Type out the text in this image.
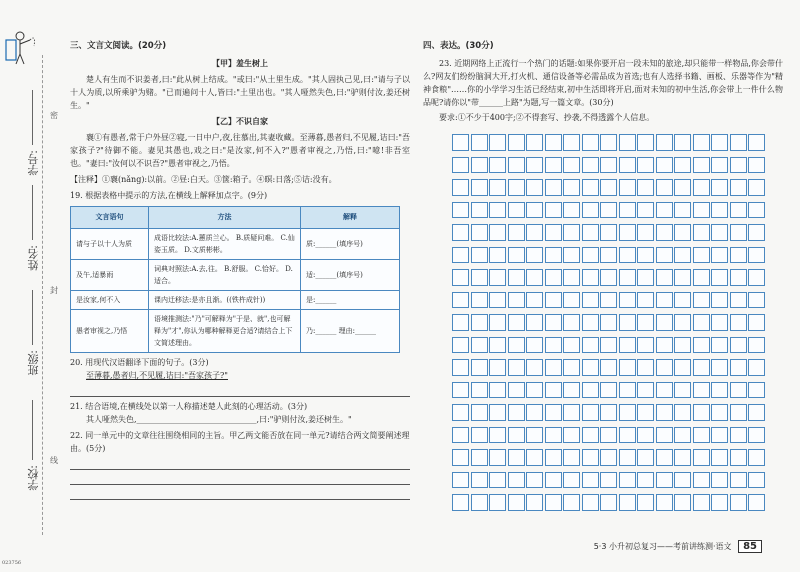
学号:
姓名:
班级:
学校:
密
封
线
023756
三、文言文阅读。(20分)
【甲】羞生树上
楚人有生而不识姜者,曰:"此从树上结成。"或曰:"从土里生成。"其人固执己见,曰:"请与子以十人为质,以所乘驴为赌。"已而遍问十人,皆曰:"土里出也。"其人哑然失色,曰:"驴则付汝,姜还树生。"
【乙】不识自家
襄①有愚者,常于户外昼②寝,一日中户,夜,往慕出,其妻收藏。至薄暮,愚者归,不见履,诘曰:"吾家孩子?"待御不能。妻见其愚也,戏之曰:"是汝家,何不入?"愚者审视之,乃悟,曰:"噫!非吾室也。"妻曰:"汝何以不识吾?"愚者审视之,乃悟。
【注释】①襄(nǎng):以前。②昼:白天。③箧:箱子。④暝:日落;⑤诘:没有。
19. 根据表格中提示的方法,在横线上解释加点字。(9分)
文言语句	方法	解释
请与子以十人为质	成语比较法:A.蕙质兰心。 B.质疑问难。 C.仙姿玉质。 D.文质彬彬。	质:______(填序号)
及午,适暴雨	词典对照法:A.去,往。 B.舒服。 C.恰好。 D.适合。	适:______(填序号)
是汝家,何不入	课内迁移法:是亦且渐。((铁杵成针))	是:______
愚者审视之,乃悟	语境推测法:"乃"可解释为"于是、就",也可解释为"才",你认为哪种解释更合适?请结合上下文简述理由。	乃:______ 理由:______
20. 用现代汉语翻译下面的句子。(3分)
至薄暮,愚者归,不见履,诘曰:"吾家孩子?"
21. 结合语境,在横线处以第一人称描述楚人此刻的心理活动。(3分)
其人哑然失色,______________________________,曰:"驴则付汝,姜还树生。"
22. 同一单元中的文章往往围绕相同的主旨。甲乙两文能否放在同一单元?请结合两文简要阐述理由。(5分)
四、表达。(30分)
23. 近期网络上正流行一个热门的话题:如果你要开启一段未知的旅途,却只能带一样物品,你会带什么?网友们纷纷脑洞大开,打火机、通信设备等必需品成为首选;也有人选择书籍、画板、乐器等作为"精神食粮"……你的小学学习生活已经结束,初中生活即将开启,面对未知的初中生活,你会带上一件什么物品呢?请你以"带______上路"为题,写一篇文章。(30分)
要求:①不少于400字;②不得套写、抄袭,不得透露个人信息。
5·3 小升初总复习——考前讲练测·语文 85
